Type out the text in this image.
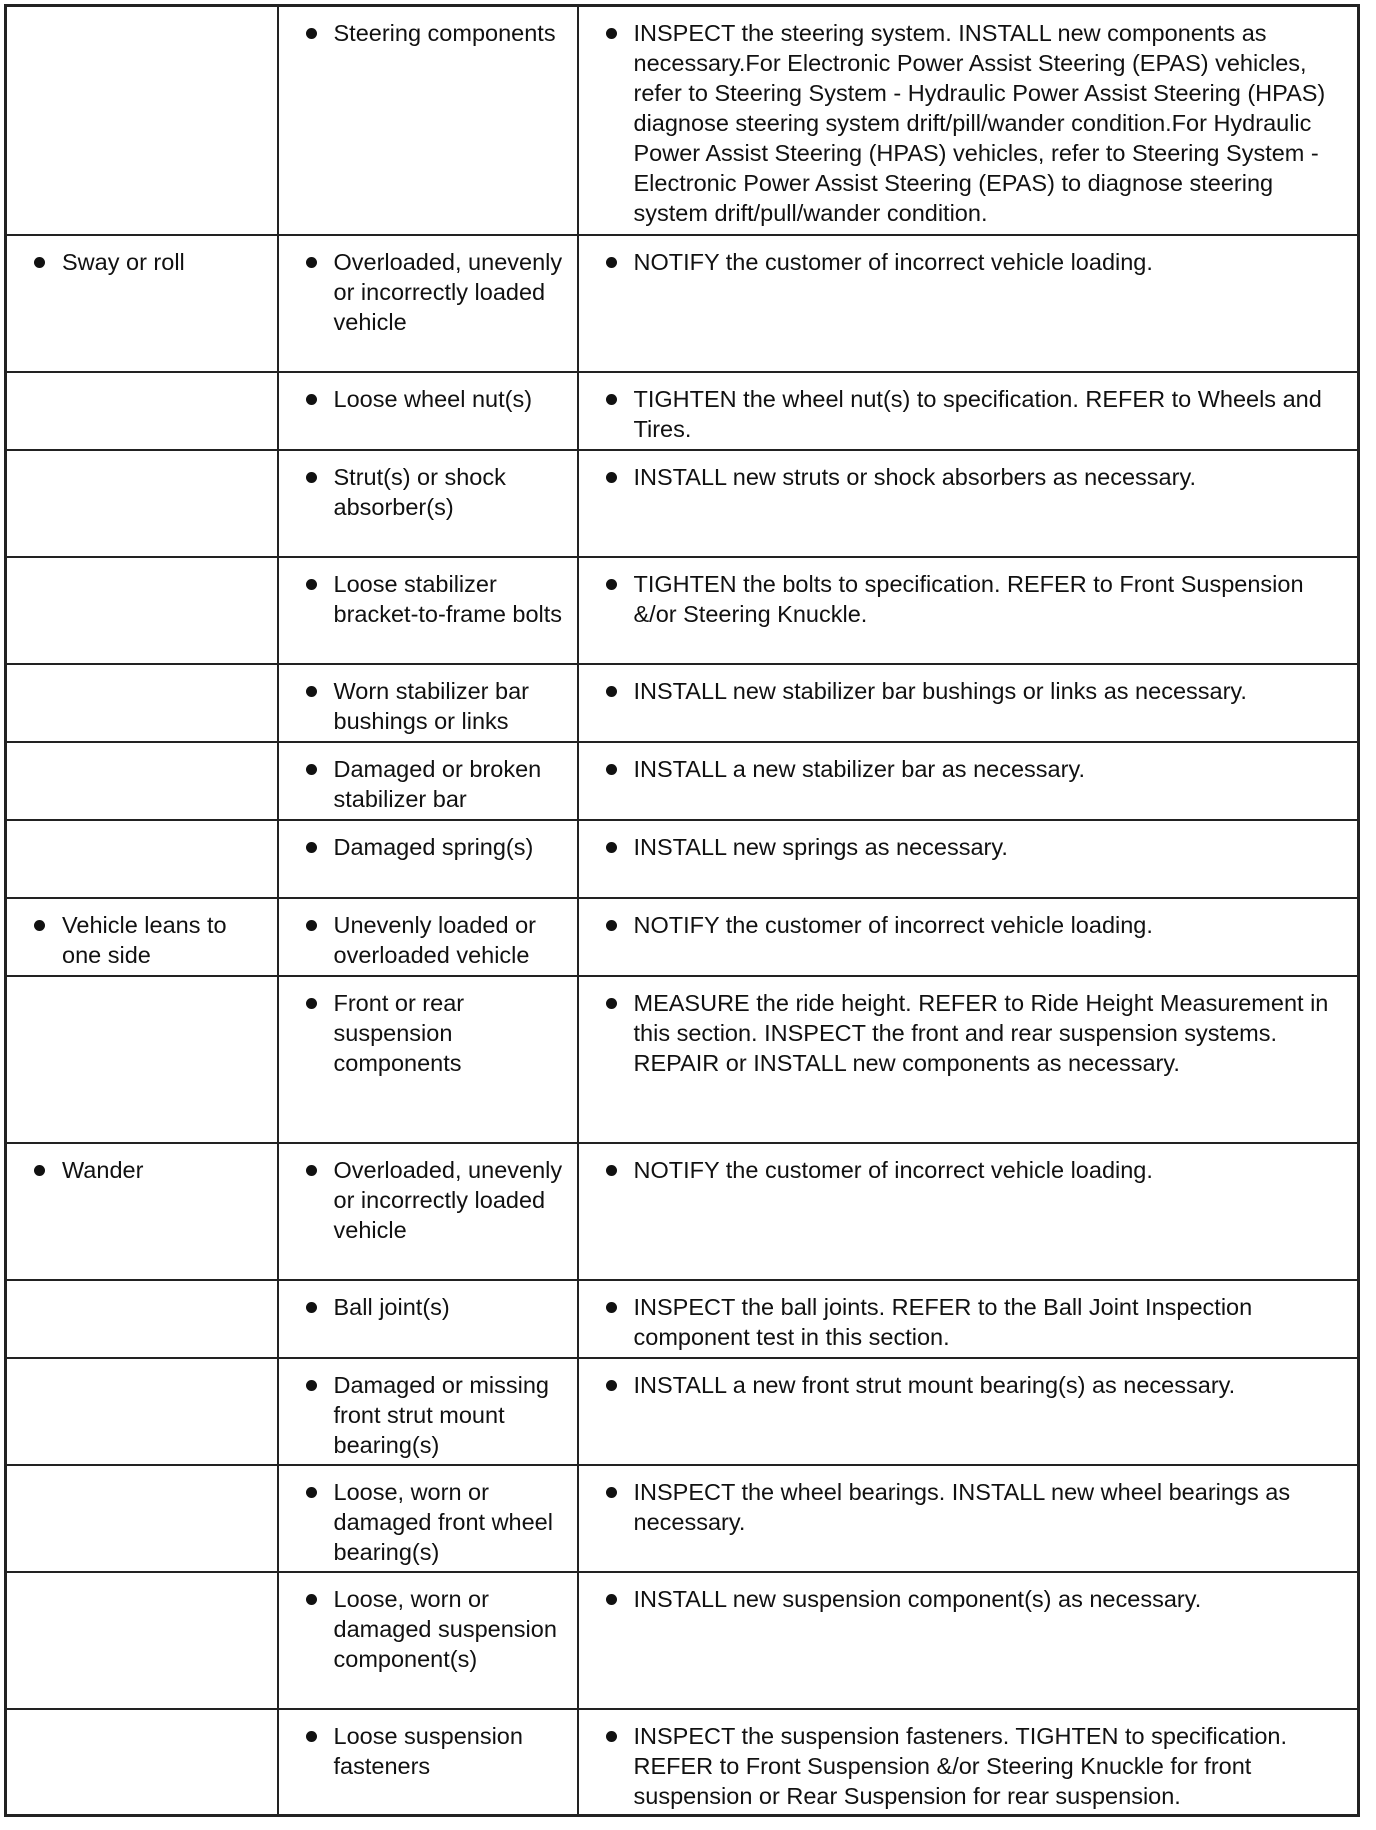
	Steering components	INSPECT the steering system. INSTALL new components as necessary.For Electronic Power Assist Steering (EPAS) vehicles, refer to Steering System - Hydraulic Power Assist Steering (HPAS) diagnose steering system drift/pill/wander condition.For Hydraulic Power Assist Steering (HPAS) vehicles, refer to Steering System - Electronic Power Assist Steering (EPAS) to diagnose steering system drift/pull/wander condition.

Sway or roll	Overloaded, unevenly or incorrectly loaded vehicle	NOTIFY the customer of incorrect vehicle loading.

	Loose wheel nut(s)	TIGHTEN the wheel nut(s) to specification. REFER to Wheels and Tires.

	Strut(s) or shock absorber(s)	INSTALL new struts or shock absorbers as necessary.

	Loose stabilizer bracket-to-frame bolts	TIGHTEN the bolts to specification. REFER to Front Suspension &/or Steering Knuckle.

	Worn stabilizer bar bushings or links	INSTALL new stabilizer bar bushings or links as necessary.

	Damaged or broken stabilizer bar	INSTALL a new stabilizer bar as necessary.

	Damaged spring(s)	INSTALL new springs as necessary.

Vehicle leans to one side	Unevenly loaded or overloaded vehicle	NOTIFY the customer of incorrect vehicle loading.

	Front or rear suspension components	MEASURE the ride height. REFER to Ride Height Measurement in this section. INSPECT the front and rear suspension systems. REPAIR or INSTALL new components as necessary.

Wander	Overloaded, unevenly or incorrectly loaded vehicle	NOTIFY the customer of incorrect vehicle loading.

	Ball joint(s)	INSPECT the ball joints. REFER to the Ball Joint Inspection component test in this section.

	Damaged or missing front strut mount bearing(s)	INSTALL a new front strut mount bearing(s) as necessary.

	Loose, worn or damaged front wheel bearing(s)	INSPECT the wheel bearings. INSTALL new wheel bearings as necessary.

	Loose, worn or damaged suspension component(s)	INSTALL new suspension component(s) as necessary.

	Loose suspension fasteners	INSPECT the suspension fasteners. TIGHTEN to specification. REFER to Front Suspension &/or Steering Knuckle for front suspension or Rear Suspension for rear suspension.
